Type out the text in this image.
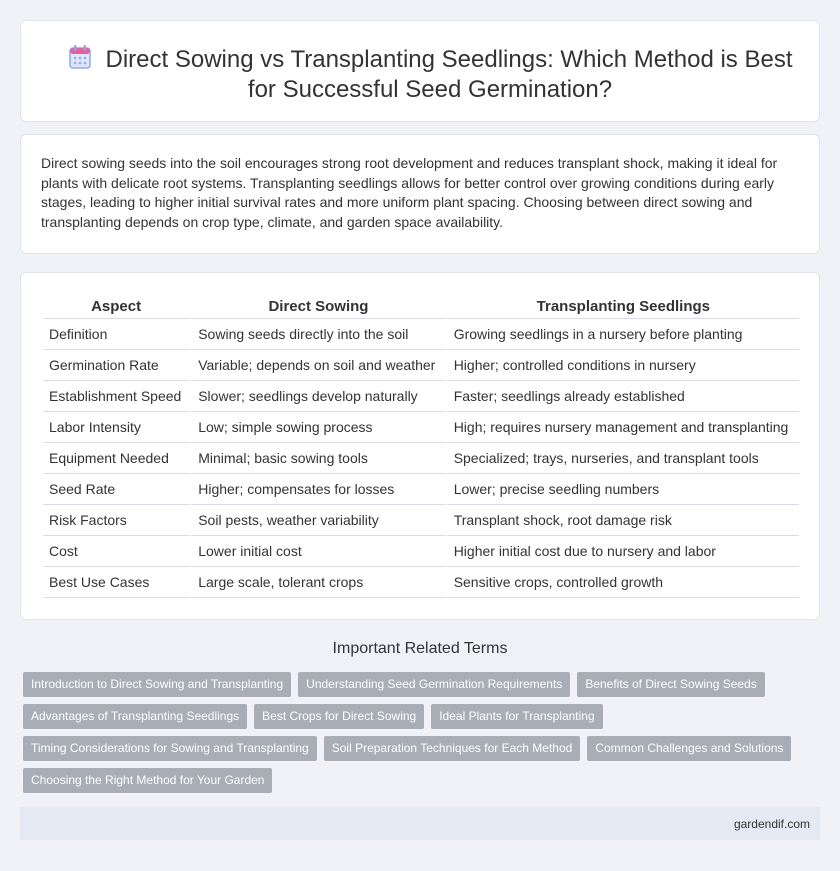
Direct Sowing vs Transplanting Seedlings: Which Method is Best for Successful Seed Germination?

Direct sowing seeds into the soil encourages strong root development and reduces transplant shock, making it ideal for plants with delicate root systems. Transplanting seedlings allows for better control over growing conditions during early stages, leading to higher initial survival rates and more uniform plant spacing. Choosing between direct sowing and transplanting depends on crop type, climate, and garden space availability.

Aspect	Direct Sowing	Transplanting Seedlings
Definition	Sowing seeds directly into the soil	Growing seedlings in a nursery before planting
Germination Rate	Variable; depends on soil and weather	Higher; controlled conditions in nursery
Establishment Speed	Slower; seedlings develop naturally	Faster; seedlings already established
Labor Intensity	Low; simple sowing process	High; requires nursery management and transplanting
Equipment Needed	Minimal; basic sowing tools	Specialized; trays, nurseries, and transplant tools
Seed Rate	Higher; compensates for losses	Lower; precise seedling numbers
Risk Factors	Soil pests, weather variability	Transplant shock, root damage risk
Cost	Lower initial cost	Higher initial cost due to nursery and labor
Best Use Cases	Large scale, tolerant crops	Sensitive crops, controlled growth
Important Related Terms
Introduction to Direct Sowing and Transplanting	Understanding Seed Germination Requirements	Benefits of Direct Sowing Seeds
Advantages of Transplanting Seedlings	Best Crops for Direct Sowing	Ideal Plants for Transplanting
Timing Considerations for Sowing and Transplanting	Soil Preparation Techniques for Each Method	Common Challenges and Solutions
Choosing the Right Method for Your Garden
gardendif.com
